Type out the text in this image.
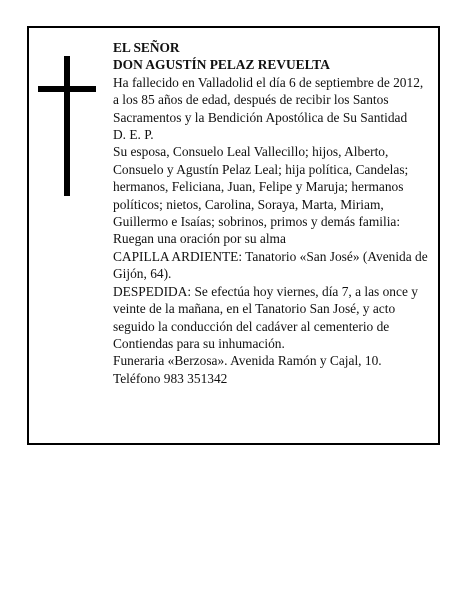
EL SEÑOR

DON AGUSTÍN PELAZ REVUELTA

Ha fallecido en Valladolid el día 6 de septiembre de 2012, a los 85 años de edad, después de recibir los Santos Sacramentos y la Bendición Apostólica de Su Santidad

D. E. P.

Su esposa, Consuelo Leal Vallecillo; hijos, Alberto, Consuelo y Agustín Pelaz Leal; hija política, Candelas; hermanos, Feliciana, Juan, Felipe y Maruja; hermanos políticos; nietos, Carolina, Soraya, Marta, Miriam, Guillermo e Isaías; sobrinos, primos y demás familia:

Ruegan una oración por su alma

CAPILLA ARDIENTE: Tanatorio «San José» (Avenida de Gijón, 64).

DESPEDIDA: Se efectúa hoy viernes, día 7, a las once y veinte de la mañana, en el Tanatorio San José, y acto seguido la conducción del cadáver al cementerio de Contiendas para su inhumación.

Funeraria «Berzosa». Avenida Ramón y Cajal, 10.

Teléfono 983 351342
